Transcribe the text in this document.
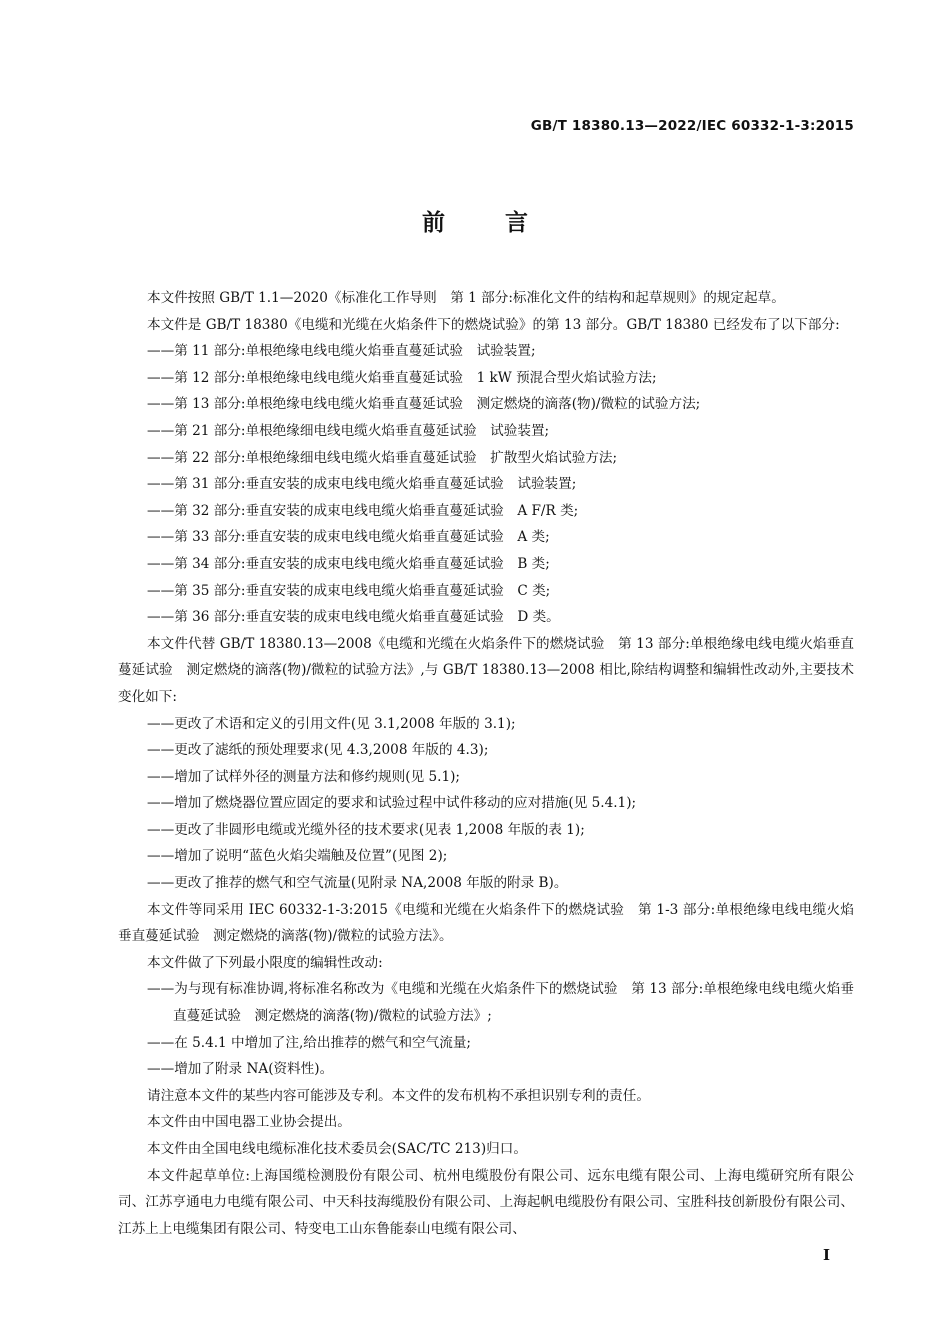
GB/T 18380.13—2022/IEC 60332-1-3:2015
前言

本文件按照 GB/T 1.1—2020《标准化工作导则　第 1 部分:标准化文件的结构和起草规则》的规定起草。

本文件是 GB/T 18380《电缆和光缆在火焰条件下的燃烧试验》的第 13 部分。GB/T 18380 已经发布了以下部分:

——第 11 部分:单根绝缘电线电缆火焰垂直蔓延试验　试验装置;

——第 12 部分:单根绝缘电线电缆火焰垂直蔓延试验　1 kW 预混合型火焰试验方法;

——第 13 部分:单根绝缘电线电缆火焰垂直蔓延试验　测定燃烧的滴落(物)/微粒的试验方法;

——第 21 部分:单根绝缘细电线电缆火焰垂直蔓延试验　试验装置;

——第 22 部分:单根绝缘细电线电缆火焰垂直蔓延试验　扩散型火焰试验方法;

——第 31 部分:垂直安装的成束电线电缆火焰垂直蔓延试验　试验装置;

——第 32 部分:垂直安装的成束电线电缆火焰垂直蔓延试验　A F/R 类;

——第 33 部分:垂直安装的成束电线电缆火焰垂直蔓延试验　A 类;

——第 34 部分:垂直安装的成束电线电缆火焰垂直蔓延试验　B 类;

——第 35 部分:垂直安装的成束电线电缆火焰垂直蔓延试验　C 类;

——第 36 部分:垂直安装的成束电线电缆火焰垂直蔓延试验　D 类。

本文件代替 GB/T 18380.13—2008《电缆和光缆在火焰条件下的燃烧试验　第 13 部分:单根绝缘电线电缆火焰垂直蔓延试验　测定燃烧的滴落(物)/微粒的试验方法》,与 GB/T 18380.13—2008 相比,除结构调整和编辑性改动外,主要技术变化如下:

——更改了术语和定义的引用文件(见 3.1,2008 年版的 3.1);

——更改了滤纸的预处理要求(见 4.3,2008 年版的 4.3);

——增加了试样外径的测量方法和修约规则(见 5.1);

——增加了燃烧器位置应固定的要求和试验过程中试件移动的应对措施(见 5.4.1);

——更改了非圆形电缆或光缆外径的技术要求(见表 1,2008 年版的表 1);

——增加了说明“蓝色火焰尖端触及位置”(见图 2);

——更改了推荐的燃气和空气流量(见附录 NA,2008 年版的附录 B)。

本文件等同采用 IEC 60332-1-3:2015《电缆和光缆在火焰条件下的燃烧试验　第 1-3 部分:单根绝缘电线电缆火焰垂直蔓延试验　测定燃烧的滴落(物)/微粒的试验方法》。

本文件做了下列最小限度的编辑性改动:

——为与现有标准协调,将标准名称改为《电缆和光缆在火焰条件下的燃烧试验　第 13 部分:单根绝缘电线电缆火焰垂直蔓延试验　测定燃烧的滴落(物)/微粒的试验方法》;

——在 5.4.1 中增加了注,给出推荐的燃气和空气流量;

——增加了附录 NA(资料性)。

请注意本文件的某些内容可能涉及专利。本文件的发布机构不承担识别专利的责任。

本文件由中国电器工业协会提出。

本文件由全国电线电缆标准化技术委员会(SAC/TC 213)归口。

本文件起草单位:上海国缆检测股份有限公司、杭州电缆股份有限公司、远东电缆有限公司、上海电缆研究所有限公司、江苏亨通电力电缆有限公司、中天科技海缆股份有限公司、上海起帆电缆股份有限公司、宝胜科技创新股份有限公司、江苏上上电缆集团有限公司、特变电工山东鲁能泰山电缆有限公司、

I
